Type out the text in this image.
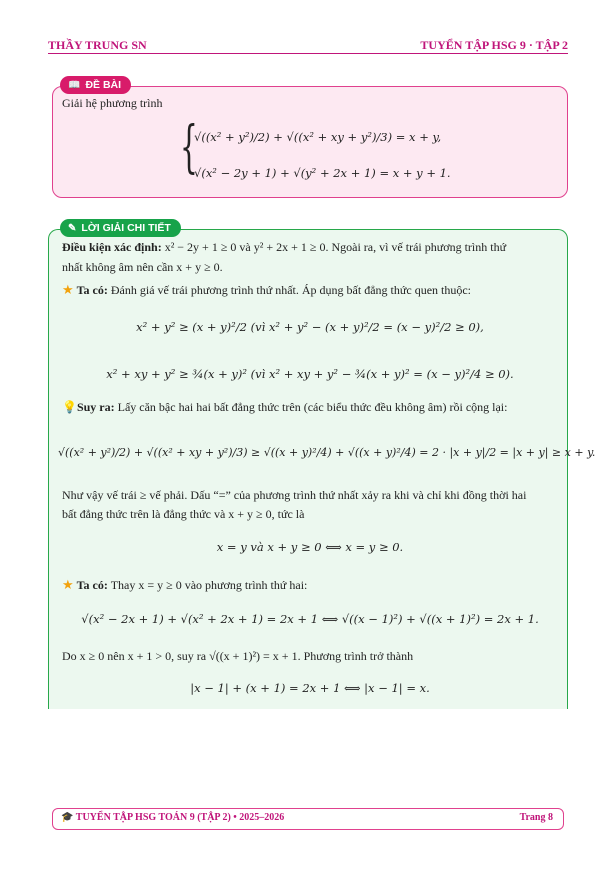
THẦY TRUNG SN	TUYỂN TẬP HSG 9 · TẬP 2
📖 ĐỀ BÀI
Giải hệ phương trình
{
√((x² + y²)/2) + √((x² + xy + y²)/3) = x + y,
√(x² − 2y + 1) + √(y² + 2x + 1) = x + y + 1.
✎ LỜI GIẢI CHI TIẾT
Điều kiện xác định: x² − 2y + 1 ≥ 0 và y² + 2x + 1 ≥ 0. Ngoài ra, vì vế trái phương trình thứ
nhất không âm nên cần x + y ≥ 0.
★ Ta có: Đánh giá vế trái phương trình thứ nhất. Áp dụng bất đẳng thức quen thuộc:
x² + y² ≥ (x + y)²/2 (vì x² + y² − (x + y)²/2 = (x − y)²/2 ≥ 0),
x² + xy + y² ≥ ¾(x + y)² (vì x² + xy + y² − ¾(x + y)² = (x − y)²/4 ≥ 0).
💡Suy ra: Lấy căn bậc hai hai bất đẳng thức trên (các biểu thức đều không âm) rồi cộng lại:
√((x² + y²)/2) + √((x² + xy + y²)/3) ≥ √((x + y)²/4) + √((x + y)²/4) = 2 · |x + y|/2 = |x + y| ≥ x + y.
Như vậy vế trái ≥ vế phải. Dấu “=” của phương trình thứ nhất xảy ra khi và chỉ khi đồng thời hai
bất đẳng thức trên là đẳng thức và x + y ≥ 0, tức là
x = y và x + y ≥ 0 ⟺ x = y ≥ 0.
★ Ta có: Thay x = y ≥ 0 vào phương trình thứ hai:
√(x² − 2x + 1) + √(x² + 2x + 1) = 2x + 1 ⟺ √((x − 1)²) + √((x + 1)²) = 2x + 1.
Do x ≥ 0 nên x + 1 > 0, suy ra √((x + 1)²) = x + 1. Phương trình trở thành
|x − 1| + (x + 1) = 2x + 1 ⟺ |x − 1| = x.
🎓 TUYỂN TẬP HSG TOÁN 9 (TẬP 2) • 2025–2026	Trang 8
